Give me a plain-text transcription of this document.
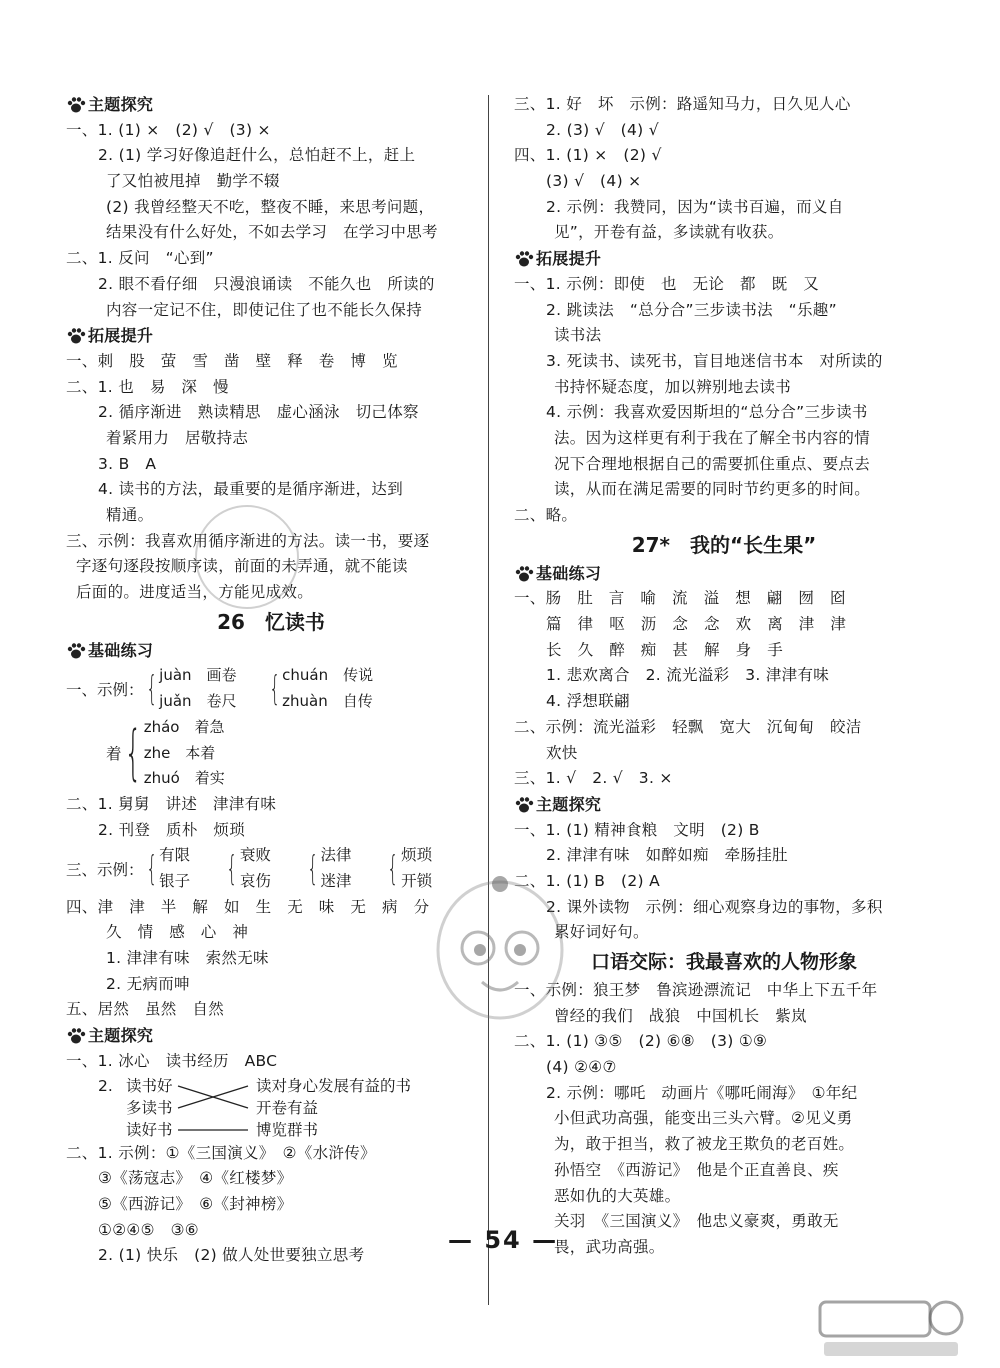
主题探究
一、1. (1) ×　(2) √　(3) ×
2. (1) 学习好像追赶什么，总怕赶不上，赶上
了又怕被甩掉　勤学不辍
(2) 我曾经整天不吃，整夜不睡，来思考问题，
结果没有什么好处，不如去学习　在学习中思考
二、1. 反问　“心到”
2. 眼不看仔细　只漫浪诵读　不能久也　所读的
内容一定记不住，即使记住了也不能长久保持
拓展提升
一、刺　股　萤　雪　凿　壁　释　卷　博　览
二、1. 也　易　深　慢
2. 循序渐进　熟读精思　虚心涵泳　切己体察
着紧用力　居敬持志
3. B　A
4. 读书的方法，最重要的是循序渐进，达到
精通。
三、示例：我喜欢用循序渐进的方法。读一书，要逐
字逐句逐段按顺序读，前面的未弄通，就不能读
后面的。进度适当，方能见成效。
26　忆读书
基础练习
一、示例： { juàn　画卷
juǎn　卷尺 { chuán　传说
zhuàn　自传
着 { zháo　着急
zhe　本着
zhuó　着实
二、1. 舅舅　讲述　津津有味
2. 刊登　质朴　烦琐
三、示例： { 有限
银子 { 衰败
哀伤 { 法律
迷津 { 烦琐
开锁
四、津　津　半　解　如　生　无　味　无　病　分
久　情　感　心　神
1. 津津有味　索然无味
2. 无病而呻
五、居然　虽然　自然
主题探究
一、1. 冰心　读书经历　ABC
2. 读书好
多读书
读好书
读对身心发展有益的书
开卷有益
博览群书
二、1. 示例：①《三国演义》　②《水浒传》
③《荡寇志》　④《红楼梦》
⑤《西游记》　⑥《封神榜》
①②④⑤　③⑥
2. (1) 快乐　(2) 做人处世要独立思考
三、1. 好　坏　示例：路遥知马力，日久见人心
2. (3) √　(4) √
四、1. (1) ×　(2) √
(3) √　(4) ×
2. 示例：我赞同，因为“读书百遍，而义自
见”，开卷有益，多读就有收获。
拓展提升
一、1. 示例：即使　也　无论　都　既　又
2. 跳读法　“总分合”三步读书法　“乐趣”
读书法
3. 死读书、读死书，盲目地迷信书本　对所读的
书持怀疑态度，加以辨别地去读书
4. 示例：我喜欢爱因斯坦的“总分合”三步读书
法。因为这样更有利于我在了解全书内容的情
况下合理地根据自己的需要抓住重点、要点去
读，从而在满足需要的同时节约更多的时间。
二、略。
27*　我的“长生果”
基础练习
一、肠　肚　言　喻　流　溢　想　翩　囫　囵
篇　律　呕　沥　念　念　欢　离　津　津
长　久　醉　痴　甚　解　身　手
1. 悲欢离合　2. 流光溢彩　3. 津津有味
4. 浮想联翩
二、示例：流光溢彩　轻飘　宽大　沉甸甸　皎洁
欢快
三、1. √　2. √　3. ×
主题探究
一、1. (1) 精神食粮　文明　(2) B
2. 津津有味　如醉如痴　牵肠挂肚
二、1. (1) B　(2) A
2. 课外读物　示例：细心观察身边的事物，多积
累好词好句。
口语交际：我最喜欢的人物形象
一、示例：狼王梦　鲁滨逊漂流记　中华上下五千年
曾经的我们　战狼　中国机长　紫岚
二、1. (1) ③⑤　(2) ⑥⑧　(3) ①⑨
(4) ②④⑦
2. 示例：哪吒　动画片《哪吒闹海》　①年纪
小但武功高强，能变出三头六臂。②见义勇
为，敢于担当，救了被龙王欺负的老百姓。
孙悟空　《西游记》　他是个正直善良、疾
恶如仇的大英雄。
关羽　《三国演义》　他忠义豪爽，勇敢无
畏，武功高强。
— 54 —
